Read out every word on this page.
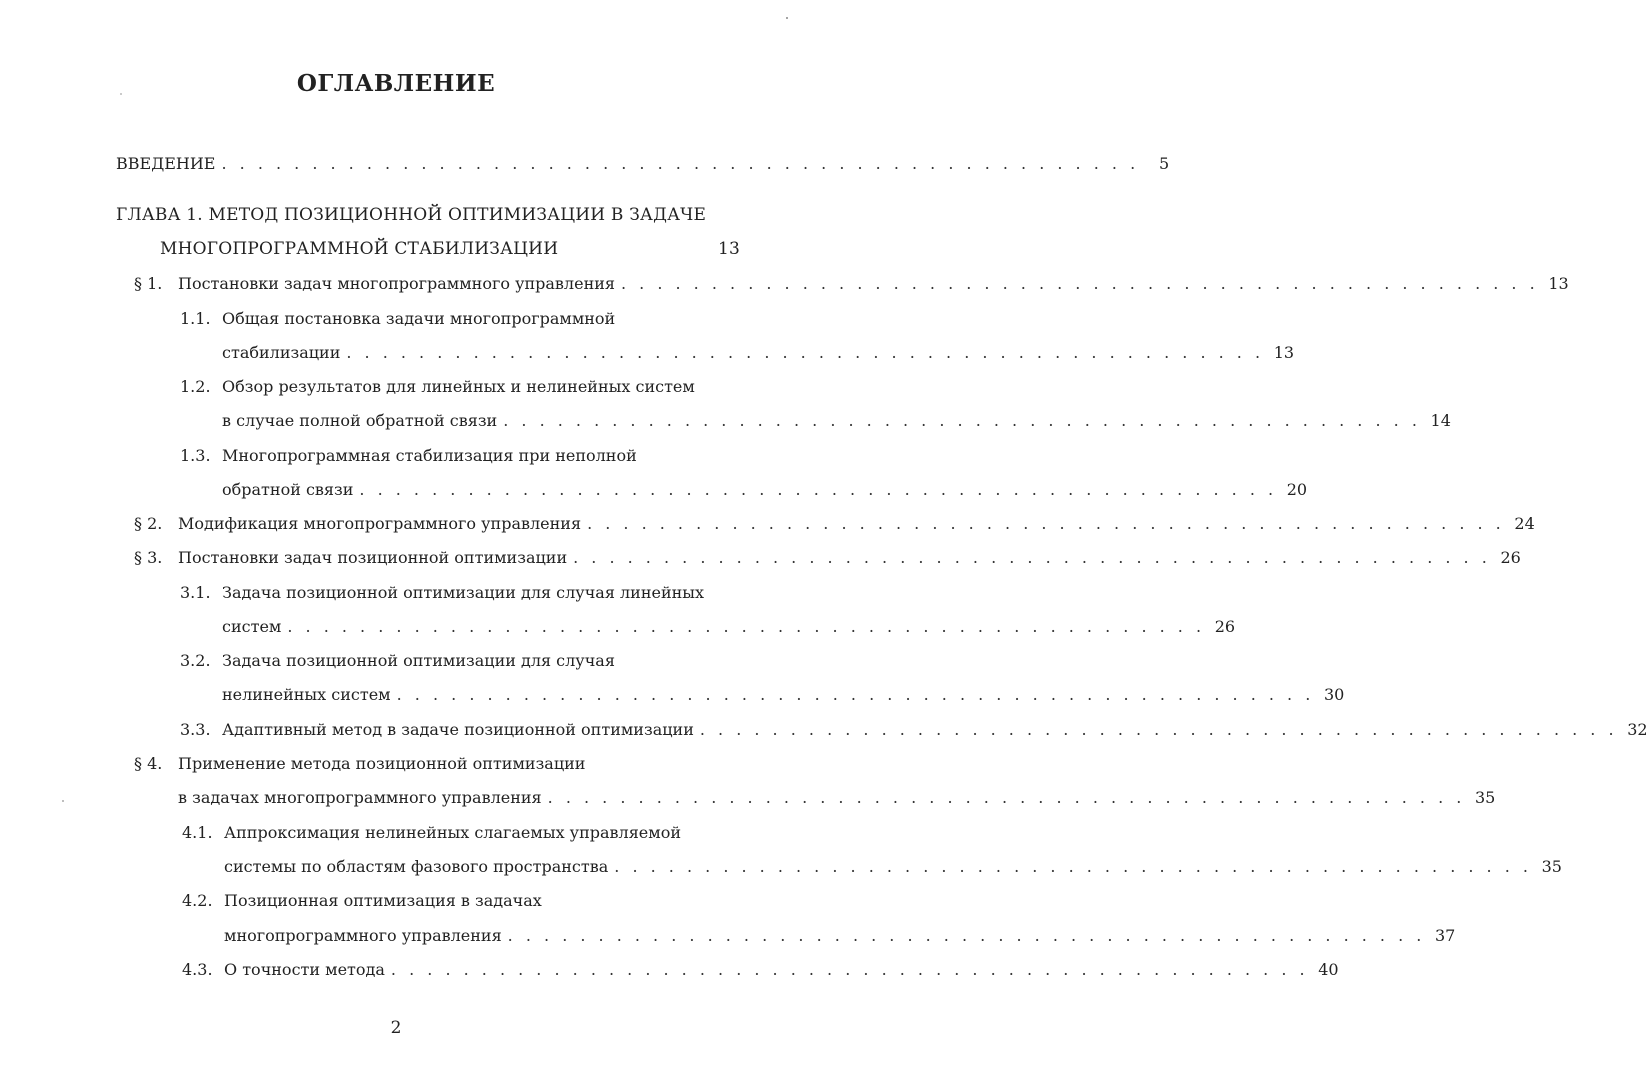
ОГЛАВЛЕНИЕ
ВВЕДЕНИЕ . . . . . . . . . . . . . . . . . . . . . . . . . . . . . . . . . . . . . . . . . . . . . . . . . . .	5
ГЛАВА 1. МЕТОД ПОЗИЦИОННОЙ ОПТИМИЗАЦИИ В ЗАДАЧЕ
МНОГОПРОГРАММНОЙ СТАБИЛИЗАЦИИ	13
§ 1. Постановки задач многопрограммного управления . . . . . . . . . . . . . . . . . . . . . . . . . . . . . . . . . . . . . . . . . . . . . . . . . . . 13
1.1. Общая постановка задачи многопрограммной
стабилизации . . . . . . . . . . . . . . . . . . . . . . . . . . . . . . . . . . . . . . . . . . . . . . . . . . . 13
1.2. Обзор результатов для линейных и нелинейных систем
в случае полной обратной связи . . . . . . . . . . . . . . . . . . . . . . . . . . . . . . . . . . . . . . . . . . . . . . . . . . . 14
1.3. Многопрограммная стабилизация при неполной
обратной связи . . . . . . . . . . . . . . . . . . . . . . . . . . . . . . . . . . . . . . . . . . . . . . . . . . . 20
§ 2. Модификация многопрограммного управления . . . . . . . . . . . . . . . . . . . . . . . . . . . . . . . . . . . . . . . . . . . . . . . . . . . 24
§ 3. Постановки задач позиционной оптимизации . . . . . . . . . . . . . . . . . . . . . . . . . . . . . . . . . . . . . . . . . . . . . . . . . . . 26
3.1. Задача позиционной оптимизации для случая линейных
систем . . . . . . . . . . . . . . . . . . . . . . . . . . . . . . . . . . . . . . . . . . . . . . . . . . . 26
3.2. Задача позиционной оптимизации для случая
нелинейных систем . . . . . . . . . . . . . . . . . . . . . . . . . . . . . . . . . . . . . . . . . . . . . . . . . . . 30
3.3. Адаптивный метод в задаче позиционной оптимизации . . . . . . . . . . . . . . . . . . . . . . . . . . . . . . . . . . . . . . . . . . . . . . . . . . . 32
§ 4. Применение метода позиционной оптимизации
в задачах многопрограммного управления . . . . . . . . . . . . . . . . . . . . . . . . . . . . . . . . . . . . . . . . . . . . . . . . . . . 35
4.1. Аппроксимация нелинейных слагаемых управляемой
системы по областям фазового пространства . . . . . . . . . . . . . . . . . . . . . . . . . . . . . . . . . . . . . . . . . . . . . . . . . . . 35
4.2. Позиционная оптимизация в задачах
многопрограммного управления . . . . . . . . . . . . . . . . . . . . . . . . . . . . . . . . . . . . . . . . . . . . . . . . . . . 37
4.3. О точности метода . . . . . . . . . . . . . . . . . . . . . . . . . . . . . . . . . . . . . . . . . . . . . . . . . . . 40
2
